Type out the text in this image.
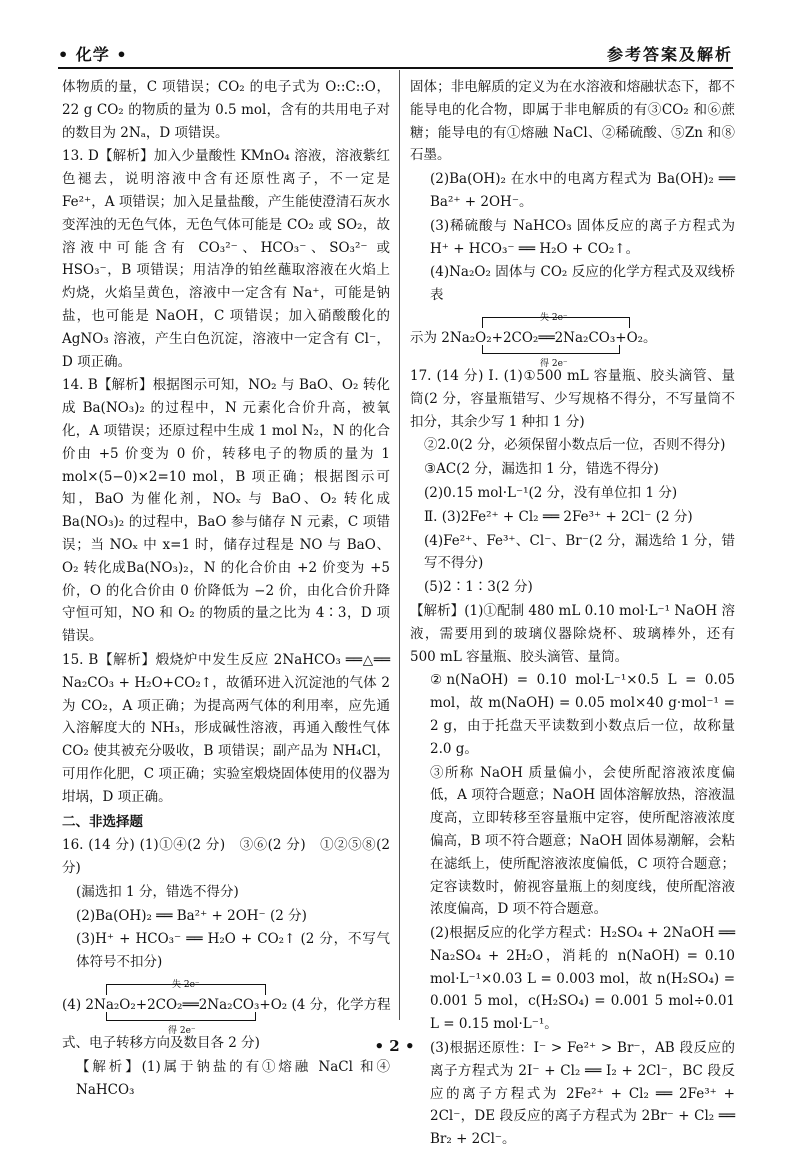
• 化学 •	参考答案及解析

体物质的量，C 项错误；CO₂ 的电子式为 O::C::O，22 g CO₂ 的物质的量为 0.5 mol，含有的共用电子对的数目为 2Nₐ，D 项错误。

13. D【解析】加入少量酸性 KMnO₄ 溶液，溶液紫红色褪去，说明溶液中含有还原性离子，不一定是 Fe²⁺，A 项错误；加入足量盐酸，产生能使澄清石灰水变浑浊的无色气体，无色气体可能是 CO₂ 或 SO₂，故溶液中可能含有 CO₃²⁻、HCO₃⁻、SO₃²⁻ 或 HSO₃⁻，B 项错误；用洁净的铂丝蘸取溶液在火焰上灼烧，火焰呈黄色，溶液中一定含有 Na⁺，可能是钠盐，也可能是 NaOH，C 项错误；加入硝酸酸化的 AgNO₃ 溶液，产生白色沉淀，溶液中一定含有 Cl⁻，D 项正确。

14. B【解析】根据图示可知，NO₂ 与 BaO、O₂ 转化成 Ba(NO₃)₂ 的过程中，N 元素化合价升高，被氧化，A 项错误；还原过程中生成 1 mol N₂，N 的化合价由 +5 价变为 0 价，转移电子的物质的量为 1 mol×(5−0)×2=10 mol，B 项正确；根据图示可知，BaO 为催化剂，NOₓ 与 BaO、O₂ 转化成 Ba(NO₃)₂ 的过程中，BaO 参与储存 N 元素，C 项错误；当 NOₓ 中 x=1 时，储存过程是 NO 与 BaO、O₂ 转化成Ba(NO₃)₂，N 的化合价由 +2 价变为 +5 价，O 的化合价由 0 价降低为 −2 价，由化合价升降守恒可知，NO 和 O₂ 的物质的量之比为 4∶3，D 项错误。

15. B【解析】煅烧炉中发生反应 2NaHCO₃ ══△══ Na₂CO₃ + H₂O+CO₂↑，故循环进入沉淀池的气体 2 为 CO₂，A 项正确；为提高两气体的利用率，应先通入溶解度大的 NH₃，形成碱性溶液，再通入酸性气体 CO₂ 使其被充分吸收，B 项错误；副产品为 NH₄Cl，可用作化肥，C 项正确；实验室煅烧固体使用的仪器为坩埚，D 项正确。

二、非选择题

16. (14 分) (1)①④(2 分)　③⑥(2 分)　①②⑤⑧(2 分)

(漏选扣 1 分，错选不得分)

(2)Ba(OH)₂ ══ Ba²⁺ + 2OH⁻ (2 分)

(3)H⁺ + HCO₃⁻ ══ H₂O + CO₂↑ (2 分，不写气体符号不扣分)

失 2e⁻
(4) 2Na₂O₂+2CO₂══2Na₂CO₃+O₂ (4 分，化学方程
得 2e⁻

式、电子转移方向及数目各 2 分)

【解析】(1)属于钠盐的有①熔融 NaCl 和④ NaHCO₃

固体；非电解质的定义为在水溶液和熔融状态下，都不能导电的化合物，即属于非电解质的有③CO₂ 和⑥蔗糖；能导电的有①熔融 NaCl、②稀硫酸、⑤Zn 和⑧石墨。

(2)Ba(OH)₂ 在水中的电离方程式为 Ba(OH)₂ ══ Ba²⁺ + 2OH⁻。

(3)稀硫酸与 NaHCO₃ 固体反应的离子方程式为 H⁺ + HCO₃⁻ ══ H₂O + CO₂↑。

(4)Na₂O₂ 固体与 CO₂ 反应的化学方程式及双线桥表

失 2e⁻
示为 2Na₂O₂+2CO₂══2Na₂CO₃+O₂。
得 2e⁻

17. (14 分) Ⅰ. (1)①500 mL 容量瓶、胶头滴管、量筒(2 分，容量瓶错写、少写规格不得分，不写量筒不扣分，其余少写 1 种扣 1 分)

②2.0(2 分，必须保留小数点后一位，否则不得分)

③AC(2 分，漏选扣 1 分，错选不得分)

(2)0.15 mol·L⁻¹(2 分，没有单位扣 1 分)

Ⅱ. (3)2Fe²⁺ + Cl₂ ══ 2Fe³⁺ + 2Cl⁻ (2 分)

(4)Fe²⁺、Fe³⁺、Cl⁻、Br⁻(2 分，漏选给 1 分，错写不得分)

(5)2∶1∶3(2 分)

【解析】(1)①配制 480 mL 0.10 mol·L⁻¹ NaOH 溶液，需要用到的玻璃仪器除烧杯、玻璃棒外，还有 500 mL 容量瓶、胶头滴管、量筒。

②n(NaOH) = 0.10 mol·L⁻¹×0.5 L = 0.05 mol，故 m(NaOH) = 0.05 mol×40 g·mol⁻¹ = 2 g，由于托盘天平读数到小数点后一位，故称量 2.0 g。

③所称 NaOH 质量偏小，会使所配溶液浓度偏低，A 项符合题意；NaOH 固体溶解放热，溶液温度高，立即转移至容量瓶中定容，使所配溶液浓度偏高，B 项不符合题意；NaOH 固体易潮解，会粘在滤纸上，使所配溶液浓度偏低，C 项符合题意；定容读数时，俯视容量瓶上的刻度线，使所配溶液浓度偏高，D 项不符合题意。

(2)根据反应的化学方程式：H₂SO₄ + 2NaOH ══ Na₂SO₄ + 2H₂O，消耗的 n(NaOH) = 0.10 mol·L⁻¹×0.03 L = 0.003 mol，故 n(H₂SO₄) = 0.001 5 mol，c(H₂SO₄) = 0.001 5 mol÷0.01 L = 0.15 mol·L⁻¹。

(3)根据还原性：I⁻ > Fe²⁺ > Br⁻，AB 段反应的离子方程式为 2I⁻ + Cl₂ ══ I₂ + 2Cl⁻，BC 段反应的离子方程式为 2Fe²⁺ + Cl₂ ══ 2Fe³⁺ + 2Cl⁻，DE 段反应的离子方程式为 2Br⁻ + Cl₂ ══ Br₂ + 2Cl⁻。

• 2 •
